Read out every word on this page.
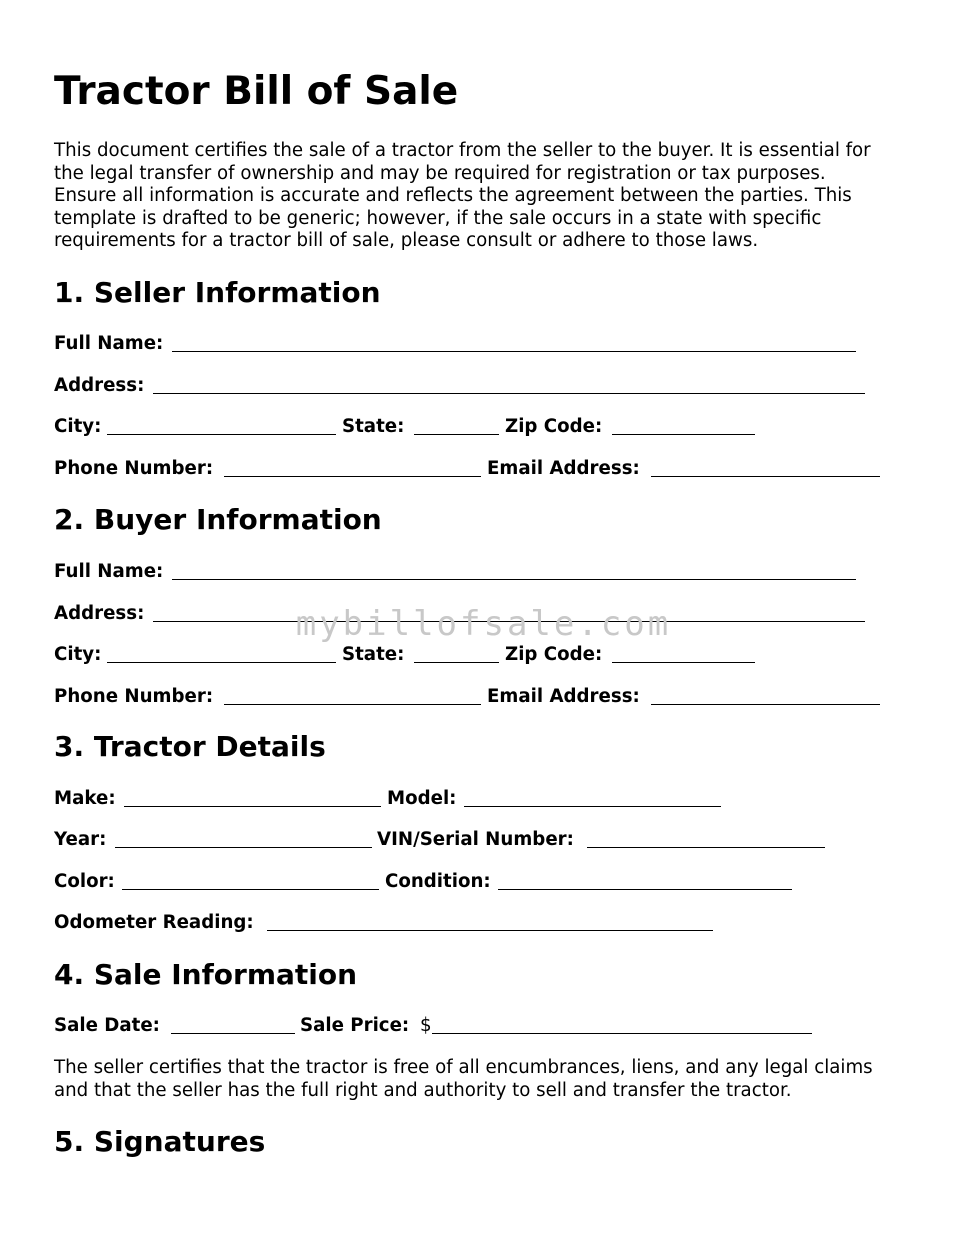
Tractor Bill of Sale
This document certifies the sale of a tractor from the seller to the buyer. It is essential for
the legal transfer of ownership and may be required for registration or tax purposes.
Ensure all information is accurate and reflects the agreement between the parties. This
template is drafted to be generic; however, if the sale occurs in a state with specific
requirements for a tractor bill of sale, please consult or adhere to those laws.
1. Seller Information
Full Name:
Address:
City:	State:	Zip Code:
Phone Number:	Email Address:
2. Buyer Information
Full Name:
Address:
City:	State:	Zip Code:
Phone Number:	Email Address:
3. Tractor Details
Make:	Model:
Year:	VIN/Serial Number:
Color:	Condition:
Odometer Reading:
4. Sale Information
Sale Date:	Sale Price: $
The seller certifies that the tractor is free of all encumbrances, liens, and any legal claims
and that the seller has the full right and authority to sell and transfer the tractor.
5. Signatures
mybillofsale.com
